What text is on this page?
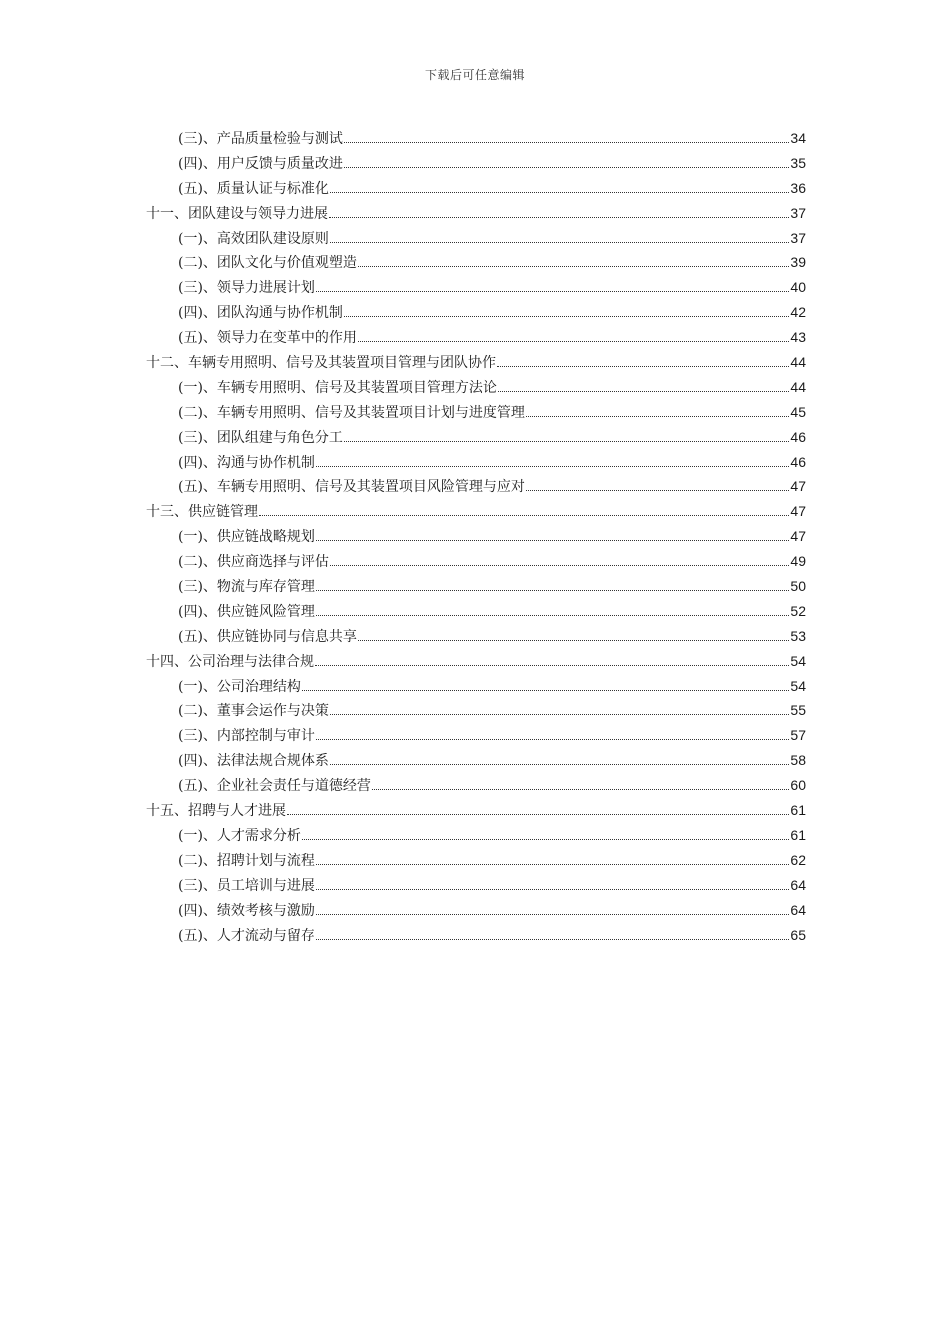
下载后可任意编辑
(三)、产品质量检验与测试	34
(四)、用户反馈与质量改进	35
(五)、质量认证与标准化	36
十一、团队建设与领导力进展	37
(一)、高效团队建设原则	37
(二)、团队文化与价值观塑造	39
(三)、领导力进展计划	40
(四)、团队沟通与协作机制	42
(五)、领导力在变革中的作用	43
十二、车辆专用照明、信号及其装置项目管理与团队协作	44
(一)、车辆专用照明、信号及其装置项目管理方法论	44
(二)、车辆专用照明、信号及其装置项目计划与进度管理	45
(三)、团队组建与角色分工	46
(四)、沟通与协作机制	46
(五)、车辆专用照明、信号及其装置项目风险管理与应对	47
十三、供应链管理	47
(一)、供应链战略规划	47
(二)、供应商选择与评估	49
(三)、物流与库存管理	50
(四)、供应链风险管理	52
(五)、供应链协同与信息共享	53
十四、公司治理与法律合规	54
(一)、公司治理结构	54
(二)、董事会运作与决策	55
(三)、内部控制与审计	57
(四)、法律法规合规体系	58
(五)、企业社会责任与道德经营	60
十五、招聘与人才进展	61
(一)、人才需求分析	61
(二)、招聘计划与流程	62
(三)、员工培训与进展	64
(四)、绩效考核与激励	64
(五)、人才流动与留存	65
